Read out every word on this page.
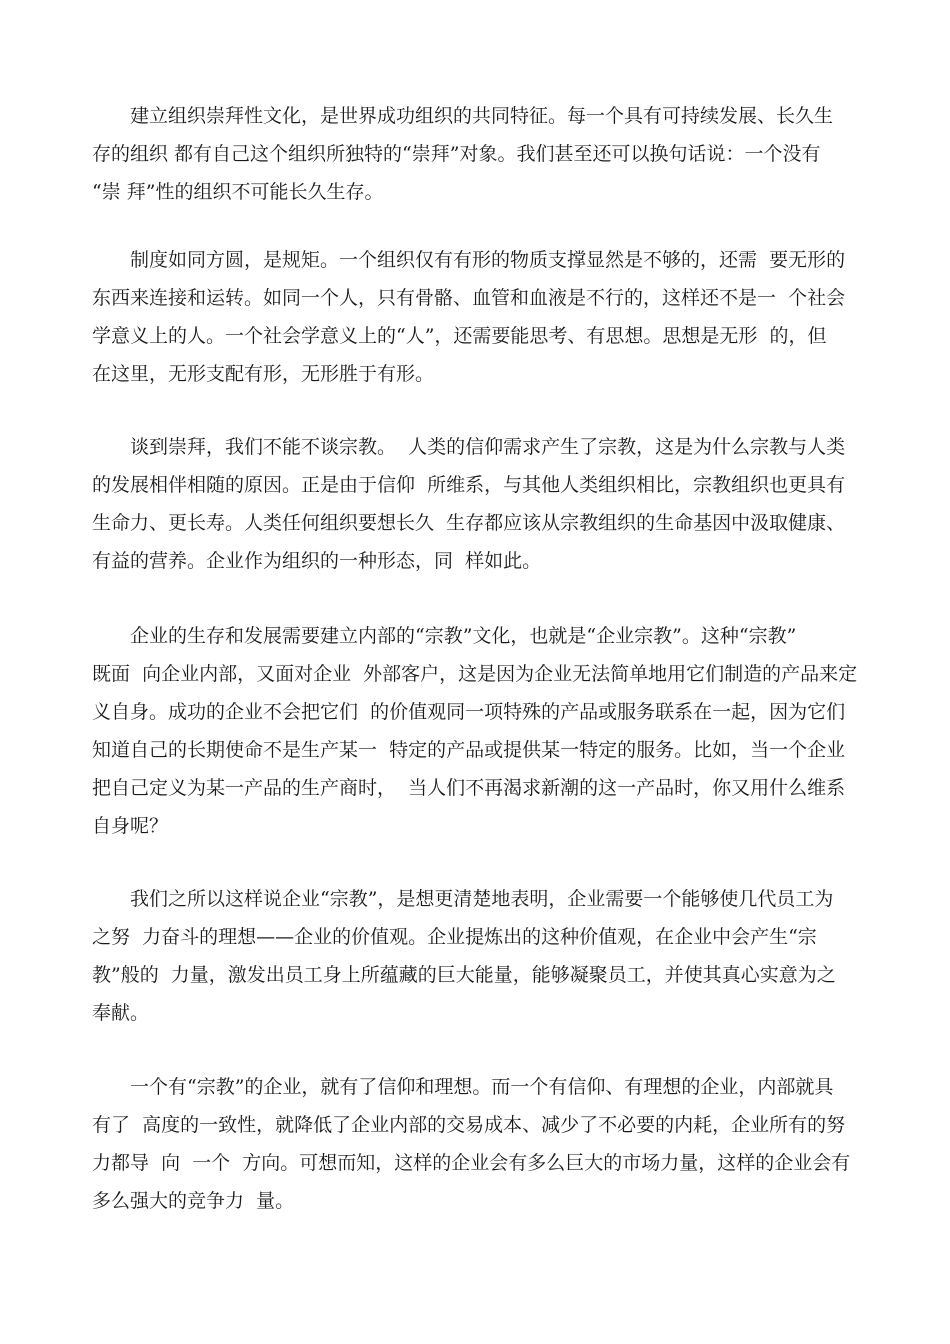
建立组织崇拜性文化，是世界成功组织的共同特征。每一个具有可持续发展、长久生
存的组织 都有自己这个组织所独特的“崇拜”对象。我们甚至还可以换句话说：一个没有
“崇 拜”性的组织不可能长久生存。
制度如同方圆，是规矩。一个组织仅有有形的物质支撑显然是不够的，还需  要无形的
东西来连接和运转。如同一个人，只有骨骼、血管和血液是不行的，这样还不是一  个社会
学意义上的人。一个社会学意义上的“人”，还需要能思考、有思想。思想是无形  的，但
在这里，无形支配有形，无形胜于有形。
谈到崇拜，我们不能不谈宗教。  人类的信仰需求产生了宗教，这是为什么宗教与人类
的发展相伴相随的原因。正是由于信仰  所维系，与其他人类组织相比，宗教组织也更具有
生命力、更长寿。人类任何组织要想长久  生存都应该从宗教组织的生命基因中汲取健康、
有益的营养。企业作为组织的一种形态，同  样如此。
企业的生存和发展需要建立内部的“宗教”文化，也就是“企业宗教”。这种“宗教”
既面  向企业内部，又面对企业  外部客户，这是因为企业无法简单地用它们制造的产品来定
义自身。成功的企业不会把它们  的价值观同一项特殊的产品或服务联系在一起，因为它们
知道自己的长期使命不是生产某一  特定的产品或提供某一特定的服务。比如，当一个企业
把自己定义为某一产品的生产商时，  当人们不再渴求新潮的这一产品时，你又用什么维系
自身呢？
我们之所以这样说企业“宗教”，是想更清楚地表明，企业需要一个能够使几代员工为
之努  力奋斗的理想——企业的价值观。企业提炼出的这种价值观，在企业中会产生“宗
教”般的  力量，激发出员工身上所蕴藏的巨大能量，能够凝聚员工，并使其真心实意为之
奉献。
一个有“宗教”的企业，就有了信仰和理想。而一个有信仰、有理想的企业，内部就具
有了  高度的一致性，就降低了企业内部的交易成本、减少了不必要的内耗，企业所有的努
力都导  向  一个  方向。可想而知，这样的企业会有多么巨大的市场力量，这样的企业会有
多么强大的竞争力  量。
